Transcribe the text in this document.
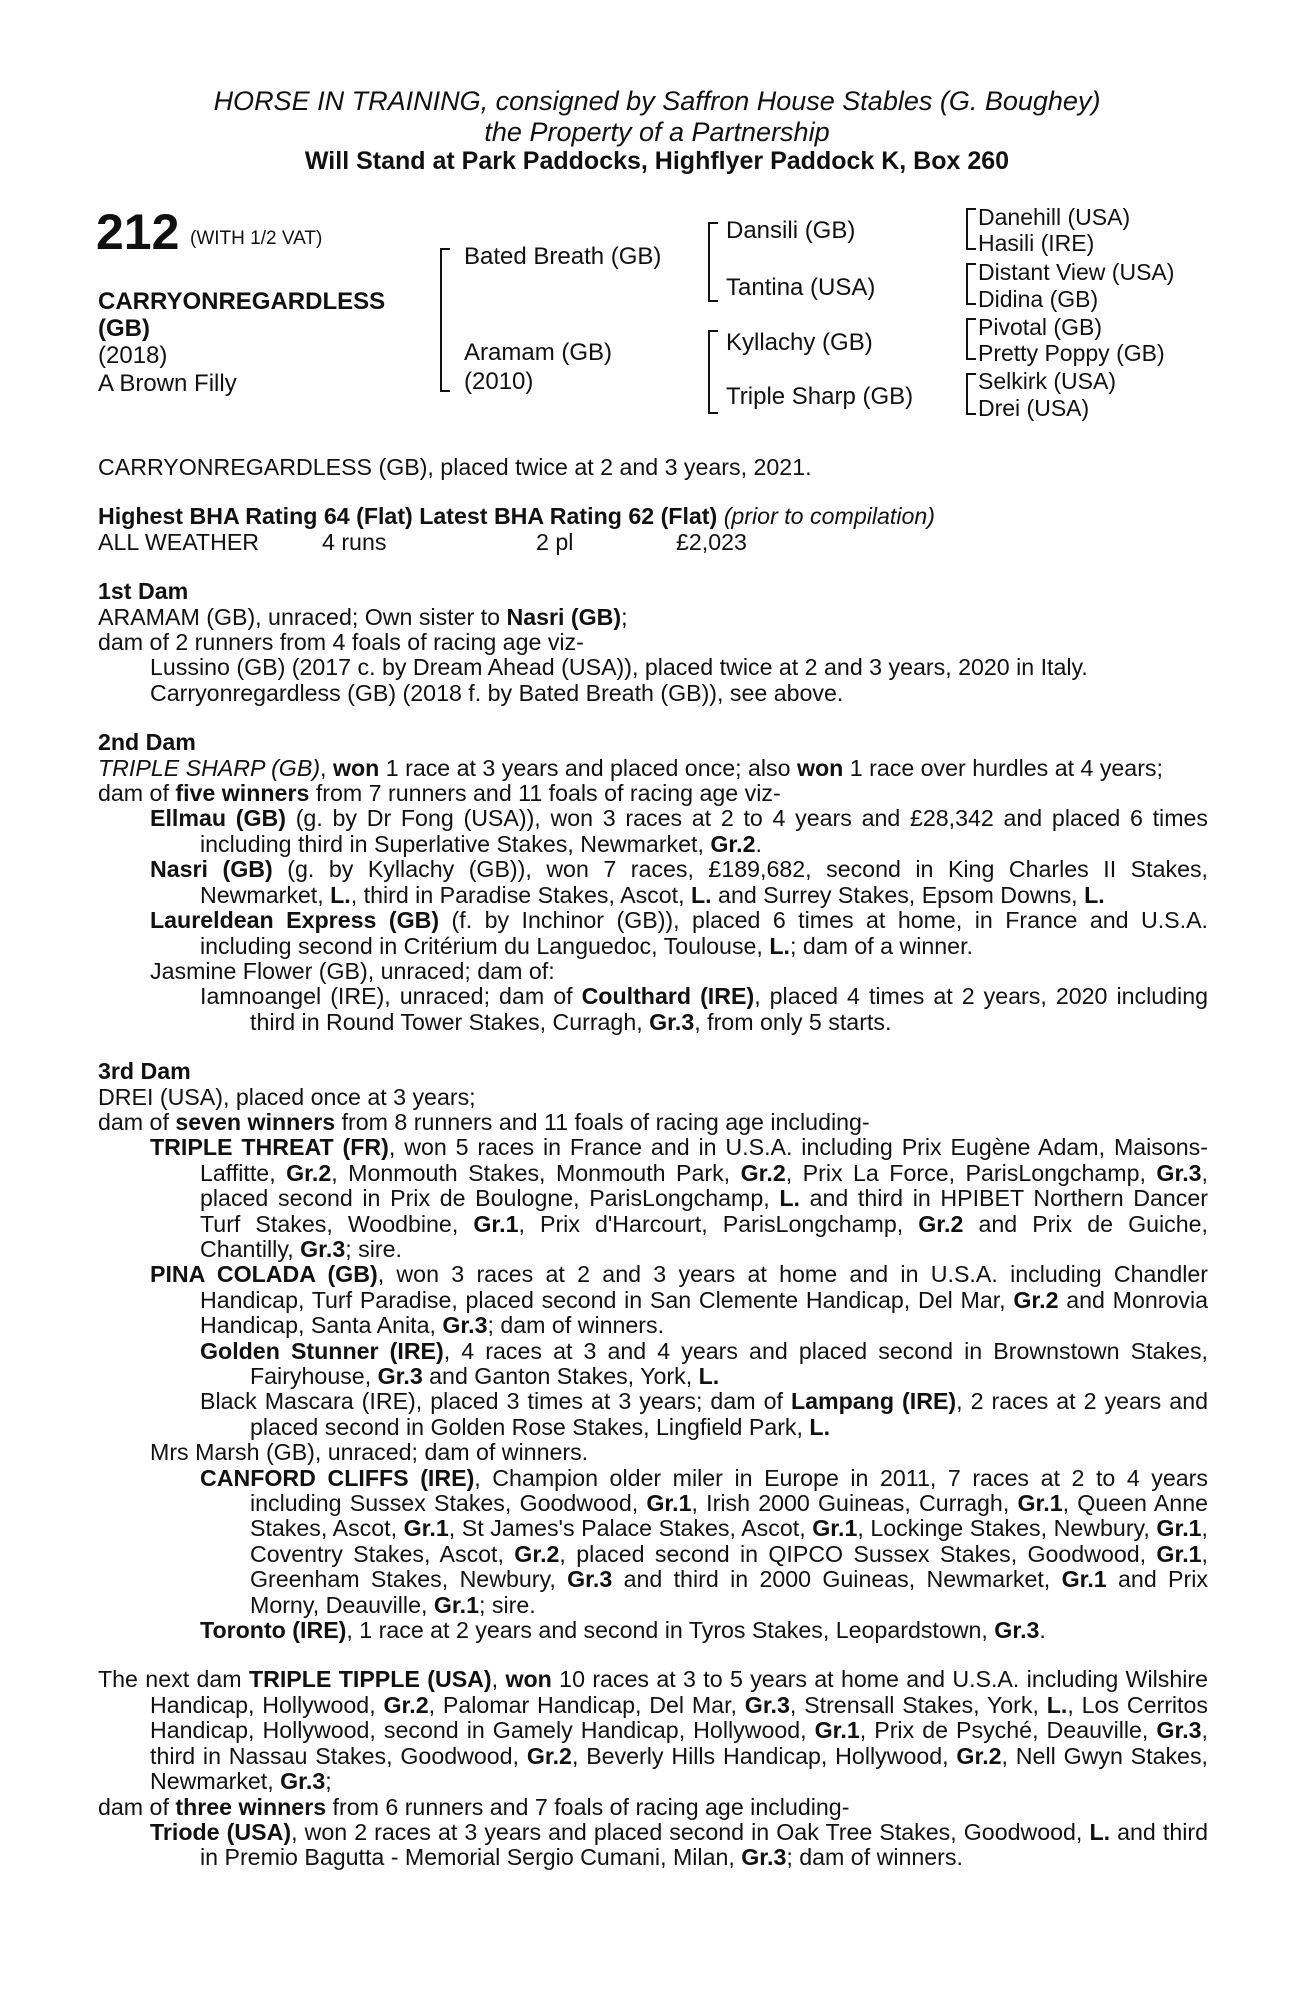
HORSE IN TRAINING, consigned by Saffron House Stables (G. Boughey)
the Property of a Partnership
Will Stand at Park Paddocks, Highflyer Paddock K, Box 260
212 (WITH 1/2 VAT)
CARRYONREGARDLESS
(GB)
(2018)
A Brown Filly
Bated Breath (GB)
Aramam (GB)
(2010)
Dansili (GB)
Tantina (USA)
Kyllachy (GB)
Triple Sharp (GB)
Danehill (USA)
Hasili (IRE)
Distant View (USA)
Didina (GB)
Pivotal (GB)
Pretty Poppy (GB)
Selkirk (USA)
Drei (USA)

CARRYONREGARDLESS (GB), placed twice at 2 and 3 years, 2021.

Highest BHA Rating 64 (Flat) Latest BHA Rating 62 (Flat) (prior to compilation)

ALL WEATHER	4 runs	2 pl	£2,023

1st Dam

ARAMAM (GB), unraced; Own sister to Nasri (GB);

dam of 2 runners from 4 foals of racing age viz-

Lussino (GB) (2017 c. by Dream Ahead (USA)), placed twice at 2 and 3 years, 2020 in Italy.

Carryonregardless (GB) (2018 f. by Bated Breath (GB)), see above.

2nd Dam

TRIPLE SHARP (GB), won 1 race at 3 years and placed once; also won 1 race over hurdles at 4 years;

dam of five winners from 7 runners and 11 foals of racing age viz-

Ellmau (GB) (g. by Dr Fong (USA)), won 3 races at 2 to 4 years and £28,342 and placed 6 times including third in Superlative Stakes, Newmarket, Gr.2.

Nasri (GB) (g. by Kyllachy (GB)), won 7 races, £189,682, second in King Charles II Stakes, Newmarket, L., third in Paradise Stakes, Ascot, L. and Surrey Stakes, Epsom Downs, L.

Laureldean Express (GB) (f. by Inchinor (GB)), placed 6 times at home, in France and U.S.A. including second in Critérium du Languedoc, Toulouse, L.; dam of a winner.

Jasmine Flower (GB), unraced; dam of:

Iamnoangel (IRE), unraced; dam of Coulthard (IRE), placed 4 times at 2 years, 2020 including third in Round Tower Stakes, Curragh, Gr.3, from only 5 starts.

3rd Dam

DREI (USA), placed once at 3 years;

dam of seven winners from 8 runners and 11 foals of racing age including-

TRIPLE THREAT (FR), won 5 races in France and in U.S.A. including Prix Eugène Adam, Maisons-Laffitte, Gr.2, Monmouth Stakes, Monmouth Park, Gr.2, Prix La Force, ParisLongchamp, Gr.3, placed second in Prix de Boulogne, ParisLongchamp, L. and third in HPIBET Northern Dancer Turf Stakes, Woodbine, Gr.1, Prix d'Harcourt, ParisLongchamp, Gr.2 and Prix de Guiche, Chantilly, Gr.3; sire.

PINA COLADA (GB), won 3 races at 2 and 3 years at home and in U.S.A. including Chandler Handicap, Turf Paradise, placed second in San Clemente Handicap, Del Mar, Gr.2 and Monrovia Handicap, Santa Anita, Gr.3; dam of winners.

Golden Stunner (IRE), 4 races at 3 and 4 years and placed second in Brownstown Stakes, Fairyhouse, Gr.3 and Ganton Stakes, York, L.

Black Mascara (IRE), placed 3 times at 3 years; dam of Lampang (IRE), 2 races at 2 years and placed second in Golden Rose Stakes, Lingfield Park, L.

Mrs Marsh (GB), unraced; dam of winners.

CANFORD CLIFFS (IRE), Champion older miler in Europe in 2011, 7 races at 2 to 4 years including Sussex Stakes, Goodwood, Gr.1, Irish 2000 Guineas, Curragh, Gr.1, Queen Anne Stakes, Ascot, Gr.1, St James's Palace Stakes, Ascot, Gr.1, Lockinge Stakes, Newbury, Gr.1, Coventry Stakes, Ascot, Gr.2, placed second in QIPCO Sussex Stakes, Goodwood, Gr.1, Greenham Stakes, Newbury, Gr.3 and third in 2000 Guineas, Newmarket, Gr.1 and Prix Morny, Deauville, Gr.1; sire.

Toronto (IRE), 1 race at 2 years and second in Tyros Stakes, Leopardstown, Gr.3.

The next dam TRIPLE TIPPLE (USA), won 10 races at 3 to 5 years at home and U.S.A. including Wilshire Handicap, Hollywood, Gr.2, Palomar Handicap, Del Mar, Gr.3, Strensall Stakes, York, L., Los Cerritos Handicap, Hollywood, second in Gamely Handicap, Hollywood, Gr.1, Prix de Psyché, Deauville, Gr.3, third in Nassau Stakes, Goodwood, Gr.2, Beverly Hills Handicap, Hollywood, Gr.2, Nell Gwyn Stakes, Newmarket, Gr.3;

dam of three winners from 6 runners and 7 foals of racing age including-

Triode (USA), won 2 races at 3 years and placed second in Oak Tree Stakes, Goodwood, L. and third in Premio Bagutta - Memorial Sergio Cumani, Milan, Gr.3; dam of winners.
